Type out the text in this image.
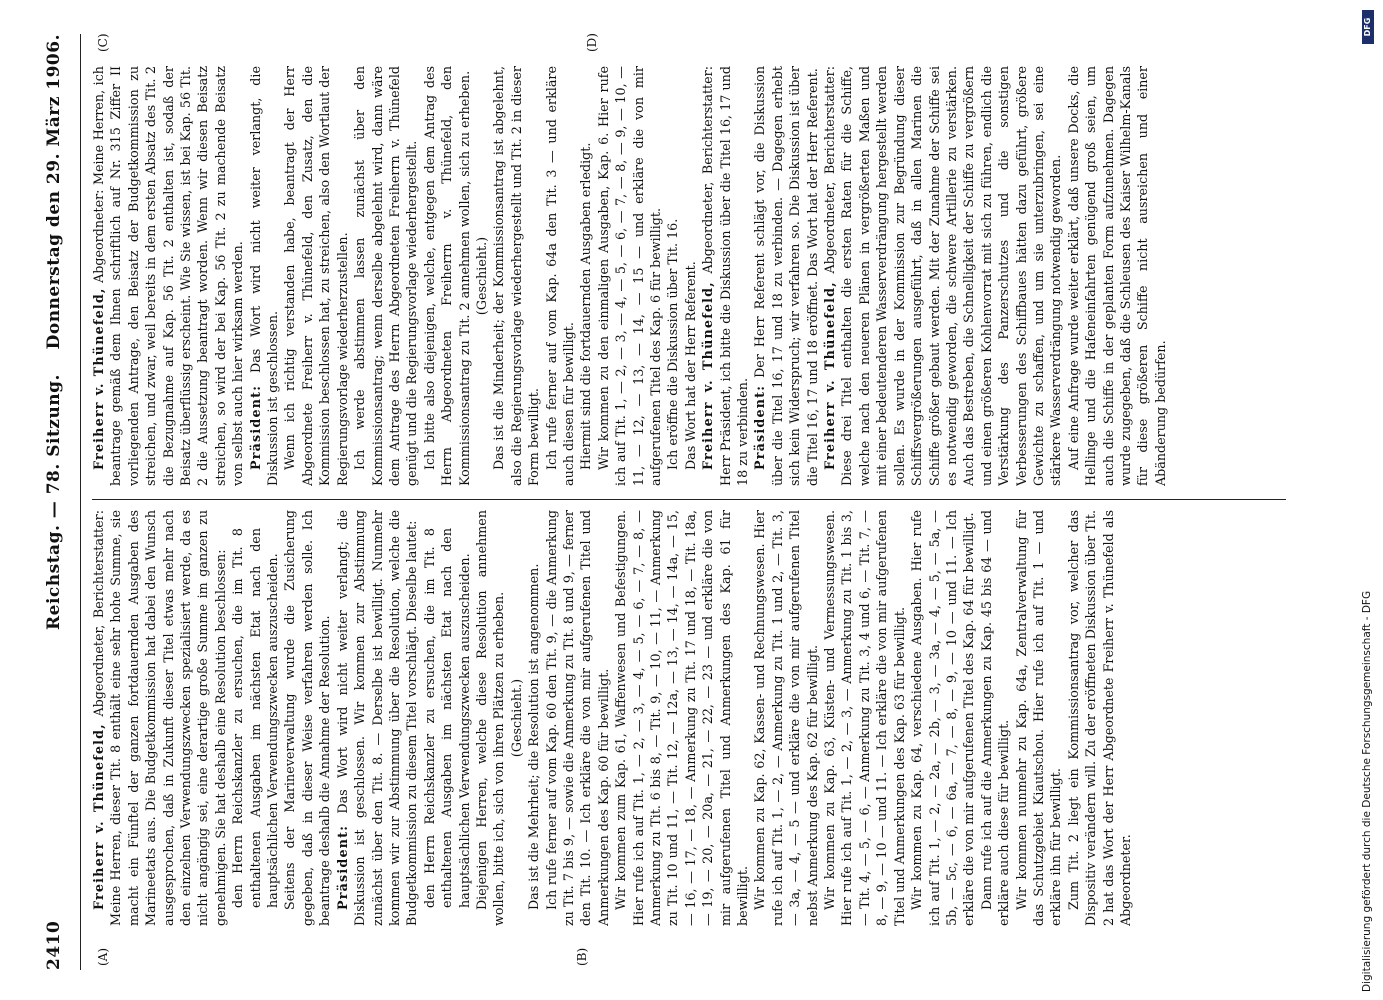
2410
Reichstag. — 78. Sitzung.
Donnerstag den 29. März 1906.
(A)	(B)
(C)	(D)

Freiherr v. Thünefeld, Abgeordneter, Berichterstatter: Meine Herren, dieser Tit. 8 enthält eine sehr hohe Summe, sie macht ein Fünftel der ganzen fortdauernden Ausgaben des Marineetats aus. Die Budgetkommission hat dabei den Wunsch ausgesprochen, daß in Zukunft dieser Titel etwas mehr nach den einzelnen Verwendungszwecken spezialisiert werde, da es nicht angängig sei, eine derartige große Summe im ganzen zu genehmigen. Sie hat deshalb eine Resolution beschlossen: den Herrn Reichskanzler zu ersuchen, die im Tit. 8 enthaltenen Ausgaben im nächsten Etat nach den hauptsächlichen Verwendungszwecken auszuscheiden. Seitens der Marineverwaltung wurde die Zusicherung gegeben, daß in dieser Weise verfahren werden solle. Ich beantrage deshalb die Annahme der Resolution. Präsident: Das Wort wird nicht weiter verlangt; die Diskussion ist geschlossen. Wir kommen zur Abstimmung zunächst über den Tit. 8. — Derselbe ist bewilligt. Nunmehr kommen wir zur Abstimmung über die Resolution, welche die Budgetkommission zu diesem Titel vorschlägt. Dieselbe lautet: den Herrn Reichskanzler zu ersuchen, die im Tit. 8 enthaltenen Ausgaben im nächsten Etat nach den hauptsächlichen Verwendungszwecken auszuscheiden. Diejenigen Herren, welche diese Resolution annehmen wollen, bitte ich, sich von ihren Plätzen zu erheben. (Geschieht.) Das ist die Mehrheit; die Resolution ist angenommen. Ich rufe ferner auf vom Kap. 60 den Tit. 9, — die Anmerkung zu Tit. 7 bis 9, — sowie die Anmerkung zu Tit. 8 und 9, — ferner den Tit. 10. — Ich erkläre die von mir aufgerufenen Titel und Anmerkungen des Kap. 60 für bewilligt. Wir kommen zum Kap. 61, Waffenwesen und Befestigungen. Hier rufe ich auf Tit. 1, — 2, — 3, — 4, — 5, — 6, — 7, — 8, — Anmerkung zu Tit. 6 bis 8, — Tit. 9, — 10, — 11, — Anmerkung zu Tit. 10 und 11, — Tit. 12, — 12a, — 13, — 14, — 14a, — 15, — 16, — 17, — 18, — Anmerkung zu Tit. 17 und 18, — Tit. 18a, — 19, — 20, — 20a, — 21, — 22, — 23 — und erkläre die von mir aufgerufenen Titel und Anmerkungen des Kap. 61 für bewilligt. Wir kommen zu Kap. 62, Kassen- und Rechnungswesen. Hier rufe ich auf Tit. 1, — 2, — Anmerkung zu Tit. 1 und 2, — Tit. 3, — 3a, — 4, — 5 — und erkläre die von mir aufgerufenen Titel nebst Anmerkung des Kap. 62 für bewilligt. Wir kommen zu Kap. 63, Küsten- und Vermessungswesen. Hier rufe ich auf Tit. 1, — 2, — 3, — Anmerkung zu Tit. 1 bis 3, — Tit. 4, — 5, — 6, — Anmerkung zu Tit. 3, 4 und 6, — Tit. 7, — 8, — 9, — 10 — und 11. — Ich erkläre die von mir aufgerufenen Titel und Anmerkungen des Kap. 63 für bewilligt. Wir kommen zu Kap. 64, verschiedene Ausgaben. Hier rufe ich auf Tit. 1, — 2, — 2a, — 2b, — 3, — 3a, — 4, — 5, — 5a, — 5b, — 5c, — 6, — 6a, — 7, — 8, — 9, — 10 — und 11. — Ich erkläre die von mir aufgerufenen Titel des Kap. 64 für bewilligt. Dann rufe ich auf die Anmerkungen zu Kap. 45 bis 64 — und erkläre auch diese für bewilligt. Wir kommen nunmehr zu Kap. 64a, Zentralverwaltung für das Schutzgebiet Kiautschou. Hier rufe ich auf Tit. 1 — und erkläre ihn für bewilligt. Zum Tit. 2 liegt ein Kommissionsantrag vor, welcher das Dispositiv verändern will. Zu der eröffneten Diskussion über Tit. 2 hat das Wort der Herr Abgeordnete Freiherr v. Thünefeld als Abgeordneter.

Freiherr v. Thünefeld, Abgeordneter: Meine Herren, ich beantrage gemäß dem Ihnen schriftlich auf Nr. 315 Ziffer II vorliegenden Antrage, den Beisatz der Budgetkommission zu streichen, und zwar, weil bereits in dem ersten Absatz des Tit. 2 die Bezugnahme auf Kap. 56 Tit. 2 enthalten ist, sodaß der Beisatz überflüssig erscheint. Wie Sie wissen, ist bei Kap. 56 Tit. 2 die Aussetzung beantragt worden. Wenn wir diesen Beisatz streichen, so wird der bei Kap. 56 Tit. 2 zu machende Beisatz von selbst auch hier wirksam werden. Präsident: Das Wort wird nicht weiter verlangt, die Diskussion ist geschlossen. Wenn ich richtig verstanden habe, beantragt der Herr Abgeordnete Freiherr v. Thünefeld, den Zusatz, den die Kommission beschlossen hat, zu streichen, also den Wortlaut der Regierungsvorlage wiederherzustellen. Ich werde abstimmen lassen zunächst über den Kommissionsantrag; wenn derselbe abgelehnt wird, dann wäre dem Antrage des Herrn Abgeordneten Freiherrn v. Thünefeld genügt und die Regierungsvorlage wiederhergestellt. Ich bitte also diejenigen, welche, entgegen dem Antrag des Herrn Abgeordneten Freiherrn v. Thünefeld, den Kommissionsantrag zu Tit. 2 annehmen wollen, sich zu erheben. (Geschieht.) Das ist die Minderheit; der Kommissionsantrag ist abgelehnt, also die Regierungsvorlage wiederhergestellt und Tit. 2 in dieser Form bewilligt. Ich rufe ferner auf vom Kap. 64a den Tit. 3 — und erkläre auch diesen für bewilligt. Hiermit sind die fortdauernden Ausgaben erledigt. Wir kommen zu den einmaligen Ausgaben, Kap. 6. Hier rufe ich auf Tit. 1, — 2, — 3, — 4, — 5, — 6, — 7, — 8, — 9, — 10, — 11, — 12, — 13, — 14, — 15 — und erkläre die von mir aufgerufenen Titel des Kap. 6 für bewilligt. Ich eröffne die Diskussion über Tit. 16. Das Wort hat der Herr Referent. Freiherr v. Thünefeld, Abgeordneter, Berichterstatter: Herr Präsident, ich bitte die Diskussion über die Titel 16, 17 und 18 zu verbinden. Präsident: Der Herr Referent schlägt vor, die Diskussion über die Titel 16, 17 und 18 zu verbinden. — Dagegen erhebt sich kein Widerspruch; wir verfahren so. Die Diskussion ist über die Titel 16, 17 und 18 eröffnet. Das Wort hat der Herr Referent. Freiherr v. Thünefeld, Abgeordneter, Berichterstatter: Diese drei Titel enthalten die ersten Raten für die Schiffe, welche nach den neueren Plänen in vergrößerten Maßen und mit einer bedeutenderen Wasserverdrängung hergestellt werden sollen. Es wurde in der Kommission zur Begründung dieser Schiffsvergrößerungen ausgeführt, daß in allen Marinen die Schiffe größer gebaut werden. Mit der Zunahme der Schiffe sei es notwendig geworden, die schwere Artillerie zu verstärken. Auch das Bestreben, die Schnelligkeit der Schiffe zu vergrößern und einen größeren Kohlenvorrat mit sich zu führen, endlich die Verstärkung des Panzerschutzes und die sonstigen Verbesserungen des Schiffbaues hätten dazu geführt, größere Gewichte zu schaffen, und um sie unterzubringen, sei eine stärkere Wasserverdrängung notwendig geworden. Auf eine Anfrage wurde weiter erklärt, daß unsere Docks, die Hellinge und die Hafeneinfahrten genügend groß seien, um auch die Schiffe in der geplanten Form aufzunehmen. Dagegen wurde zugegeben, daß die Schleusen des Kaiser Wilhelm-Kanals für diese größeren Schiffe nicht ausreichen und einer Abänderung bedürfen.

DFG
Digitalisierung gefördert durch die Deutsche Forschungsgemeinschaft - DFG
